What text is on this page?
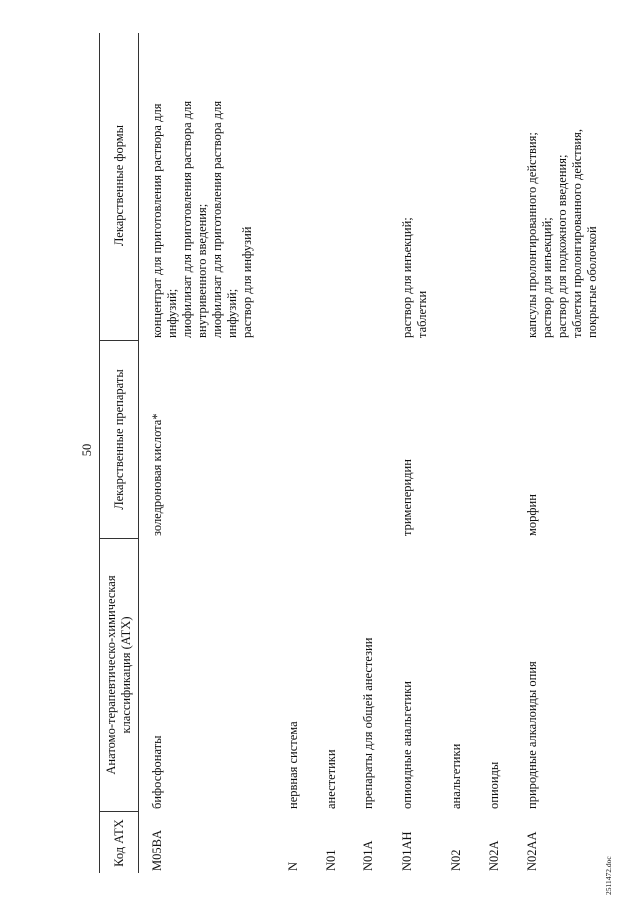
50
Код АТХ
Анатомо-терапевтическо-химическая классификация (АТХ)
Лекарственные препараты
Лекарственные формы
M05BA
бифосфонаты
золедроновая кислота*
концентрат для приготовления раствора для инфузий; лиофилизат для приготовления раствора для внутривенного введения; лиофилизат для приготовления раствора для инфузий; раствор для инфузий
N
нервная система
N01
анестетики
N01A
препараты для общей анестезии
N01AH
опиоидные анальгетики
тримеперидин
раствор для инъекций; таблетки
N02
анальгетики
N02A
опиоиды
N02AA
природные алкалоиды опия
морфин
капсулы пролонгированного действия; раствор для инъекций; раствор для подкожного введения; таблетки пролонгированного действия, покрытые оболочкой
2511472.doc
